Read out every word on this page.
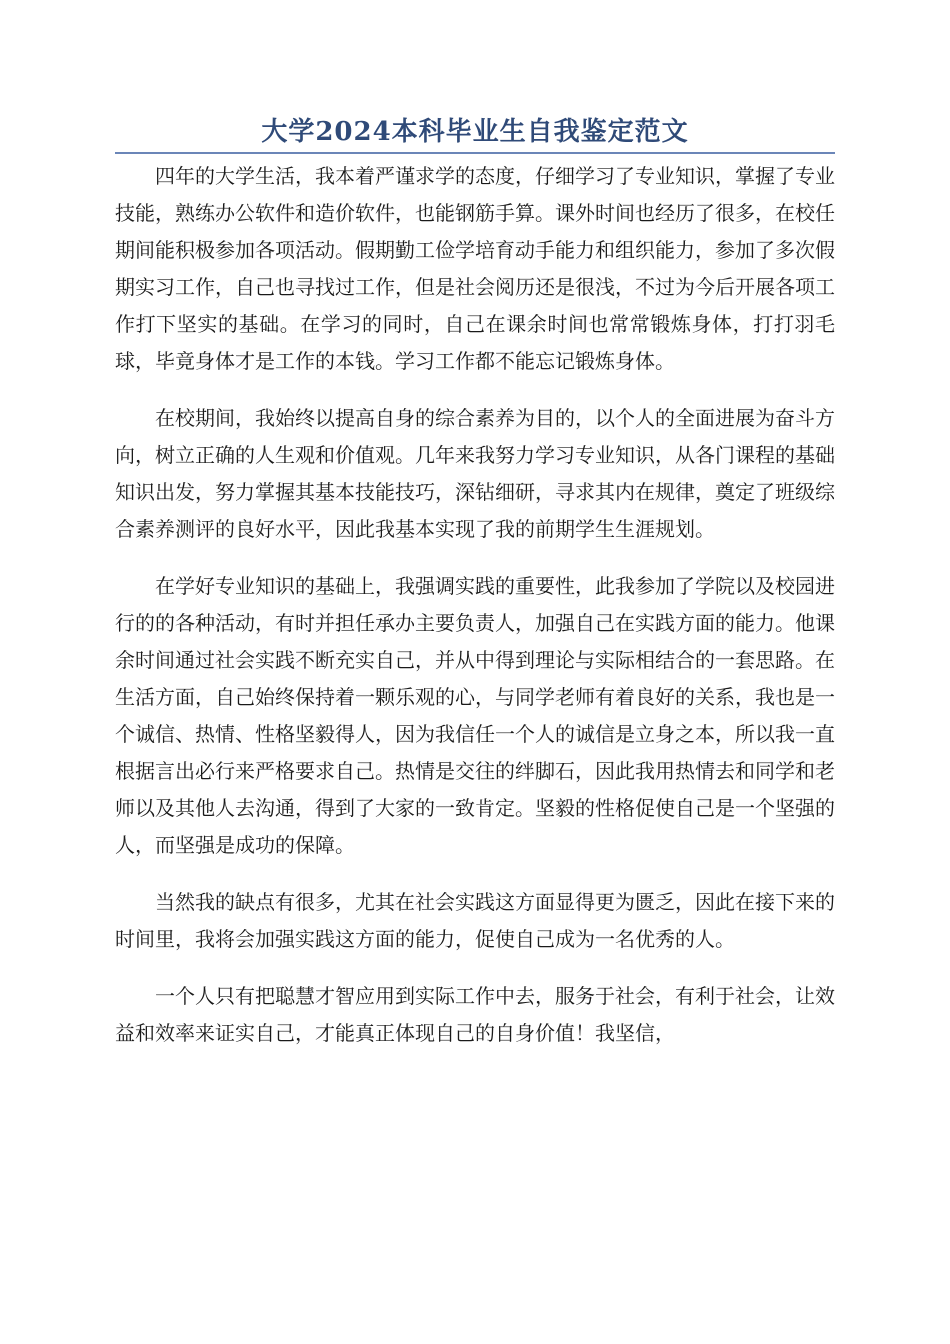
大学2024本科毕业生自我鉴定范文

四年的大学生活，我本着严谨求学的态度，仔细学习了专业知识，掌握了专业技能，熟练办公软件和造价软件，也能钢筋手算。课外时间也经历了很多，在校任期间能积极参加各项活动。假期勤工俭学培育动手能力和组织能力，参加了多次假期实习工作，自己也寻找过工作，但是社会阅历还是很浅，不过为今后开展各项工作打下坚实的基础。在学习的同时，自己在课余时间也常常锻炼身体，打打羽毛球，毕竟身体才是工作的本钱。学习工作都不能忘记锻炼身体。

在校期间，我始终以提高自身的综合素养为目的，以个人的全面进展为奋斗方向，树立正确的人生观和价值观。几年来我努力学习专业知识，从各门课程的基础知识出发，努力掌握其基本技能技巧，深钻细研，寻求其内在规律，奠定了班级综合素养测评的良好水平，因此我基本实现了我的前期学生生涯规划。

在学好专业知识的基础上，我强调实践的重要性，此我参加了学院以及校园进行的的各种活动，有时并担任承办主要负责人，加强自己在实践方面的能力。他课余时间通过社会实践不断充实自己，并从中得到理论与实际相结合的一套思路。在生活方面，自己始终保持着一颗乐观的心，与同学老师有着良好的关系，我也是一个诚信、热情、性格坚毅得人，因为我信任一个人的诚信是立身之本，所以我一直根据言出必行来严格要求自己。热情是交往的绊脚石，因此我用热情去和同学和老师以及其他人去沟通，得到了大家的一致肯定。坚毅的性格促使自己是一个坚强的人，而坚强是成功的保障。

当然我的缺点有很多，尤其在社会实践这方面显得更为匮乏，因此在接下来的时间里，我将会加强实践这方面的能力，促使自己成为一名优秀的人。

一个人只有把聪慧才智应用到实际工作中去，服务于社会，有利于社会，让效益和效率来证实自己，才能真正体现自己的自身价值！我坚信，
